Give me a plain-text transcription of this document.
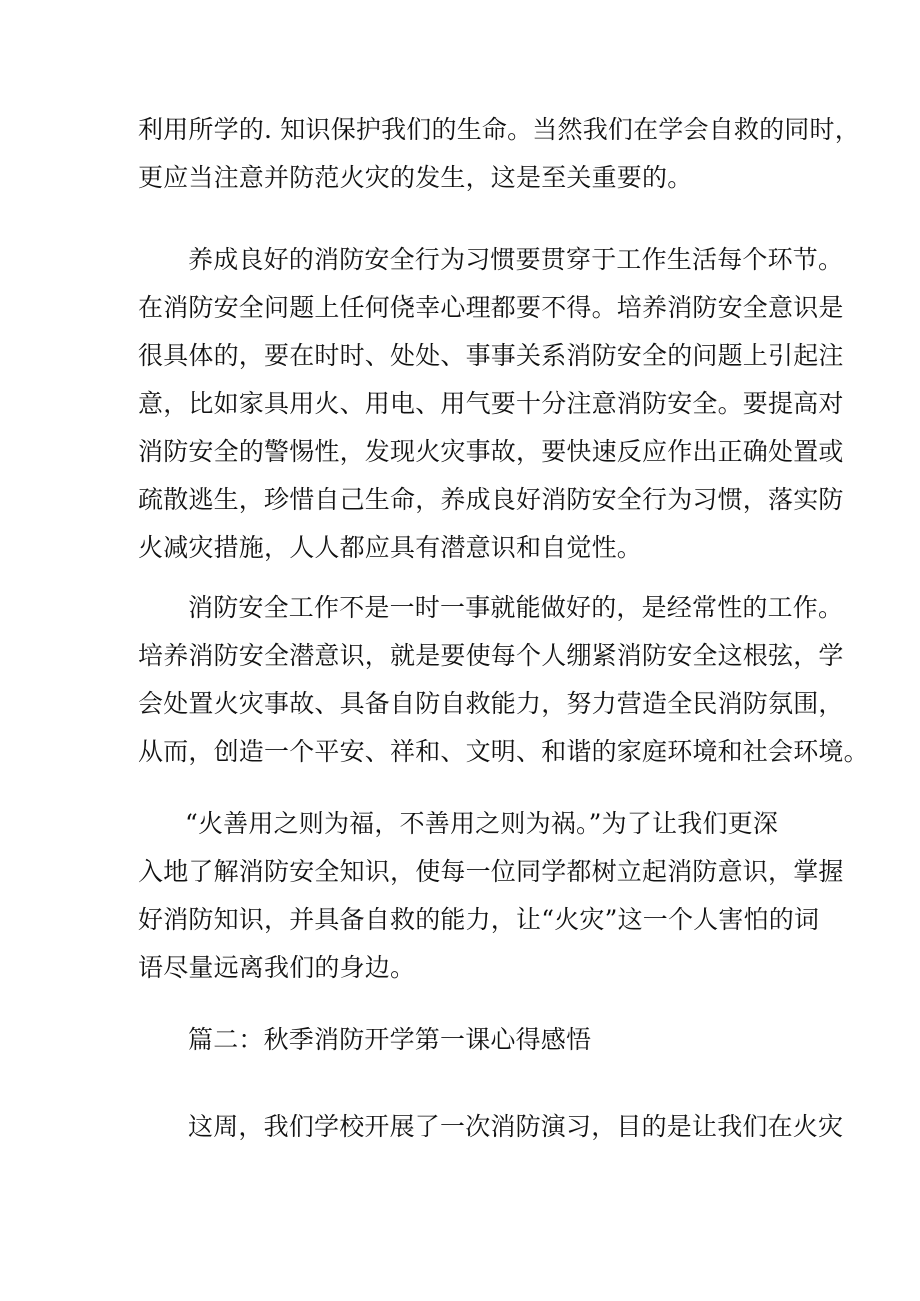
利用所学的. 知识保护我们的生命。当然我们在学会自救的同时，
更应当注意并防范火灾的发生，这是至关重要的。
养成良好的消防安全行为习惯要贯穿于工作生活每个环节。
在消防安全问题上任何侥幸心理都要不得。培养消防安全意识是
很具体的，要在时时、处处、事事关系消防安全的问题上引起注
意，比如家具用火、用电、用气要十分注意消防安全。要提高对
消防安全的警惕性，发现火灾事故，要快速反应作出正确处置或
疏散逃生，珍惜自己生命，养成良好消防安全行为习惯，落实防
火减灾措施，人人都应具有潜意识和自觉性。
消防安全工作不是一时一事就能做好的，是经常性的工作。
培养消防安全潜意识，就是要使每个人绷紧消防安全这根弦，学
会处置火灾事故、具备自防自救能力，努力营造全民消防氛围，
从而，创造一个平安、祥和、文明、和谐的家庭环境和社会环境。
“火善用之则为福，不善用之则为祸。”为了让我们更深
入地了解消防安全知识，使每一位同学都树立起消防意识，掌握
好消防知识，并具备自救的能力，让“火灾”这一个人害怕的词
语尽量远离我们的身边。
篇二：秋季消防开学第一课心得感悟
这周，我们学校开展了一次消防演习，目的是让我们在火灾
